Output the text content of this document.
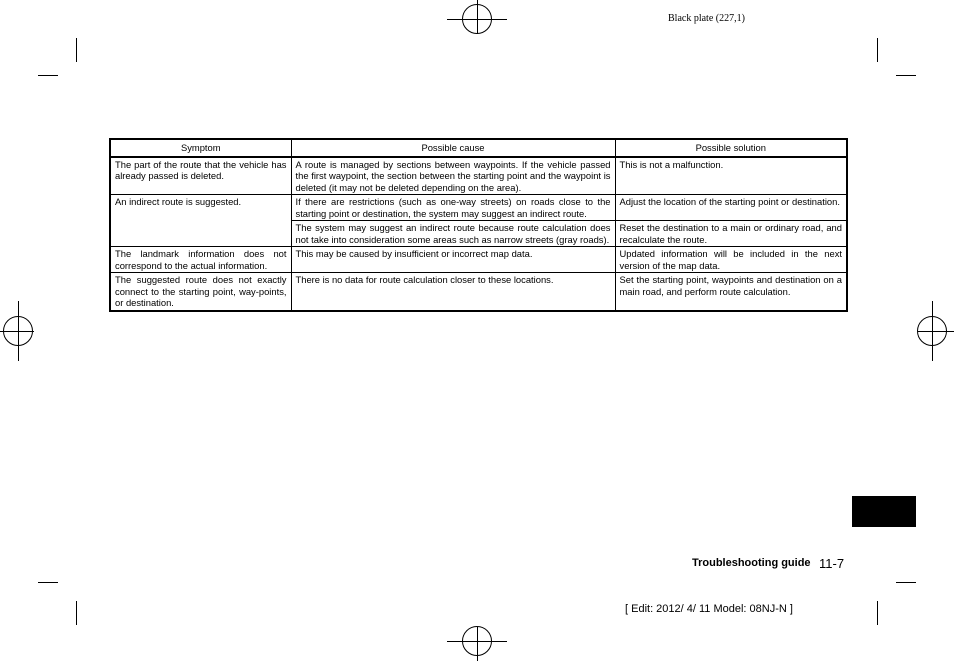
Black plate (227,1)
Symptom	Possible cause	Possible solution
The part of the route that the vehicle has already passed is deleted.	A route is managed by sections between waypoints. If the vehicle passed the first waypoint, the section between the starting point and the waypoint is deleted (it may not be deleted depending on the area).	This is not a malfunction.
An indirect route is suggested.	If there are restrictions (such as one-way streets) on roads close to the starting point or destination, the system may suggest an indirect route.	Adjust the location of the starting point or destination.
	The system may suggest an indirect route because route calculation does not take into consideration some areas such as narrow streets (gray roads).	Reset the destination to a main or ordinary road, and recalculate the route.
The landmark information does not correspond to the actual information.	This may be caused by insufficient or incorrect map data.	Updated information will be included in the next version of the map data.
The suggested route does not exactly connect to the starting point, way-points, or destination.	There is no data for route calculation closer to these locations.	Set the starting point, waypoints and destination on a main road, and perform route calculation.
Troubleshooting guide 11-7
[ Edit: 2012/ 4/ 11 Model: 08NJ-N ]
